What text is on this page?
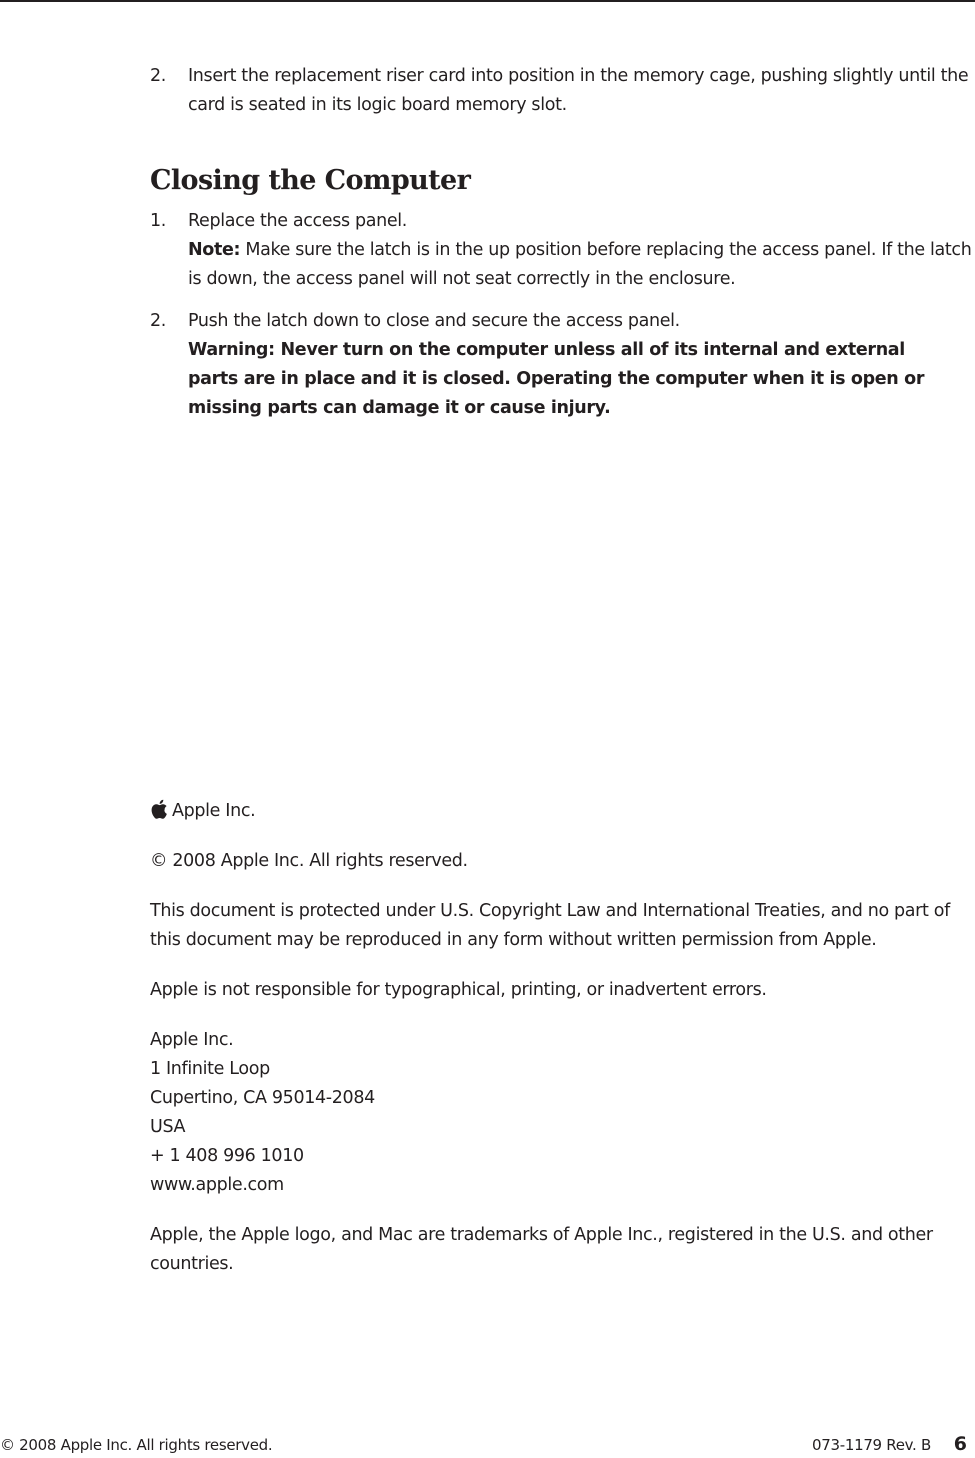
2. Insert the replacement riser card into position in the memory cage, pushing slightly until the card is seated in its logic board memory slot.

Closing the Computer
1. Replace the access panel.

Note: Make sure the latch is in the up position before replacing the access panel. If the latch is down, the access panel will not seat correctly in the enclosure.

2. Push the latch down to close and secure the access panel.

Warning: Never turn on the computer unless all of its internal and external parts are in place and it is closed. Operating the computer when it is open or missing parts can damage it or cause injury.

Apple Inc.

© 2008 Apple Inc. All rights reserved.

This document is protected under U.S. Copyright Law and International Treaties, and no part of this document may be reproduced in any form without written permission from Apple.

Apple is not responsible for typographical, printing, or inadvertent errors.

Apple Inc.

1 Infinite Loop

Cupertino, CA 95014-2084

USA

+ 1 408 996 1010

www.apple.com

Apple, the Apple logo, and Mac are trademarks of Apple Inc., registered in the U.S. and other countries.

© 2008 Apple Inc. All rights reserved.	073-1179 Rev. B 6
